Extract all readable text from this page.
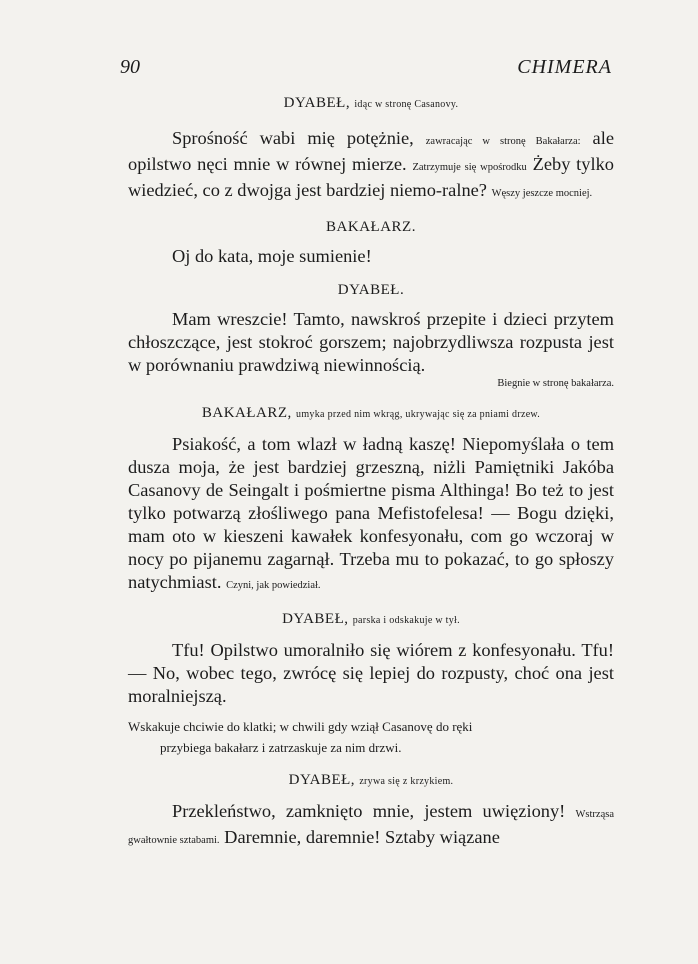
90	CHIMERA
DYABEŁ, idąc w stronę Casanovy.

Sprośność wabi mię potężnie, zawracając w stronę Bakałarza: ale opilstwo nęci mnie w równej mierze. Zatrzymuje się wpośrodku Żeby tylko wiedzieć, co z dwojga jest bardziej niemo-ralne? Węszy jeszcze mocniej.

BAKAŁARZ.

Oj do kata, moje sumienie!

DYABEŁ.

Mam wreszcie! Tamto, nawskroś przepite i dzieci przytem chłoszczące, jest stokroć gorszem; najobrzydliwsza rozpusta jest w porównaniu prawdziwą niewinnością.

Biegnie w stronę bakałarza.

BAKAŁARZ, umyka przed nim wkrąg, ukrywając się za pniami drzew.

Psiakość, a tom wlazł w ładną kaszę! Niepomyślała o tem dusza moja, że jest bardziej grzeszną, niżli Pamiętniki Jakóba Casanovy de Seingalt i pośmiertne pisma Althinga! Bo też to jest tylko potwarzą złośliwego pana Mefistofelesa! — Bogu dzięki, mam oto w kieszeni kawałek konfesyonału, com go wczoraj w nocy po pijanemu zagarnął. Trzeba mu to pokazać, to go spłoszy natychmiast. Czyni, jak powiedział.

DYABEŁ, parska i odskakuje w tył.

Tfu! Opilstwo umoralniło się wiórem z konfesyonału. Tfu! — No, wobec tego, zwrócę się lepiej do rozpusty, choć ona jest moralniejszą.

Wskakuje chciwie do klatki; w chwili gdy wziął Casanovę do ręki
przybiega bakałarz i zatrzaskuje za nim drzwi.

DYABEŁ, zrywa się z krzykiem.

Przekleństwo, zamknięto mnie, jestem uwięziony! Wstrząsa gwałtownie sztabami. Daremnie, daremnie! Sztaby wiązane
